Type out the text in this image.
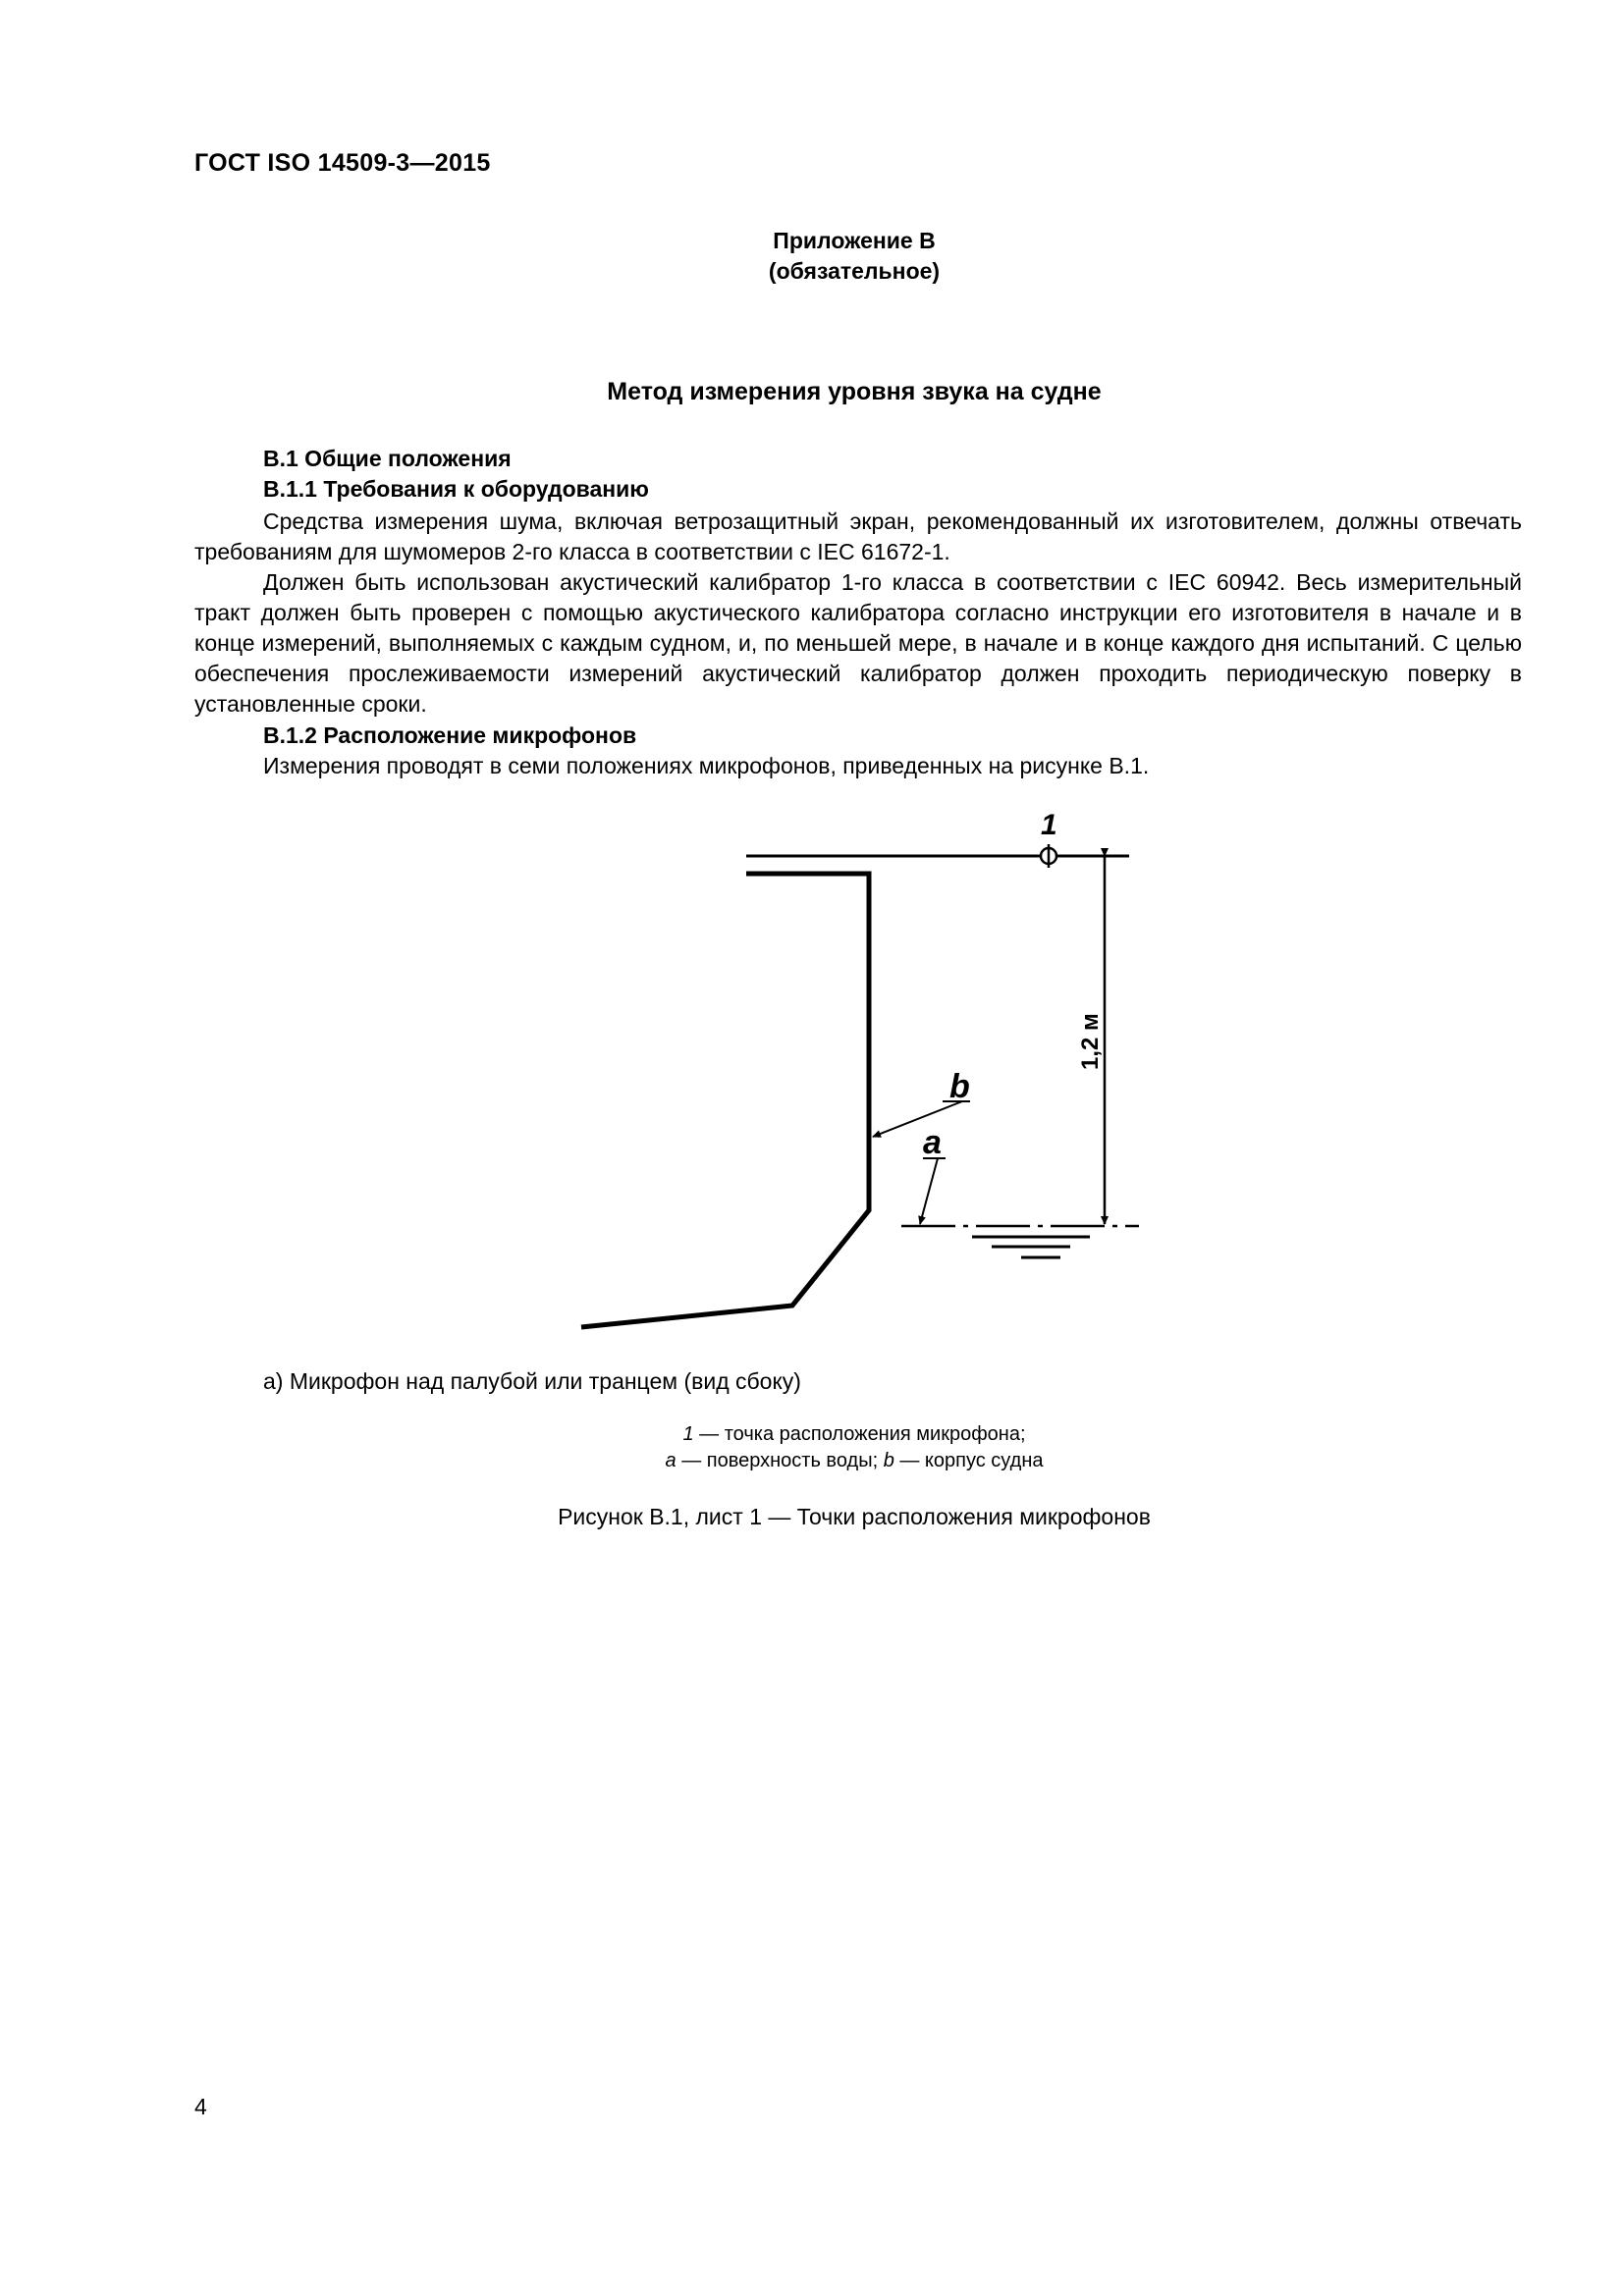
ГОСТ ISO 14509-3—2015
Приложение В
(обязательное)
Метод измерения уровня звука на судне
В.1 Общие положения
В.1.1 Требования к оборудованию
Средства измерения шума, включая ветрозащитный экран, рекомендованный их изготовителем, должны отвечать требованиям для шумомеров 2-го класса в соответствии с IEC 61672-1.
Должен быть использован акустический калибратор 1-го класса в соответствии с IEC 60942. Весь измерительный тракт должен быть проверен с помощью акустического калибратора согласно инструкции его изготовителя в начале и в конце измерений, выполняемых с каждым судном, и, по меньшей мере, в начале и в конце каждого дня испытаний. С целью обеспечения прослеживаемости измерений акустический калибратор должен проходить периодическую поверку в установленные сроки.
В.1.2 Расположение микрофонов
Измерения проводят в семи положениях микрофонов, приведенных на рисунке В.1.
1
b
a
1,2 м
а) Микрофон над палубой или транцем (вид сбоку)
1 — точка расположения микрофона;
а — поверхность воды; b — корпус судна
Рисунок В.1, лист 1 — Точки расположения микрофонов
4
